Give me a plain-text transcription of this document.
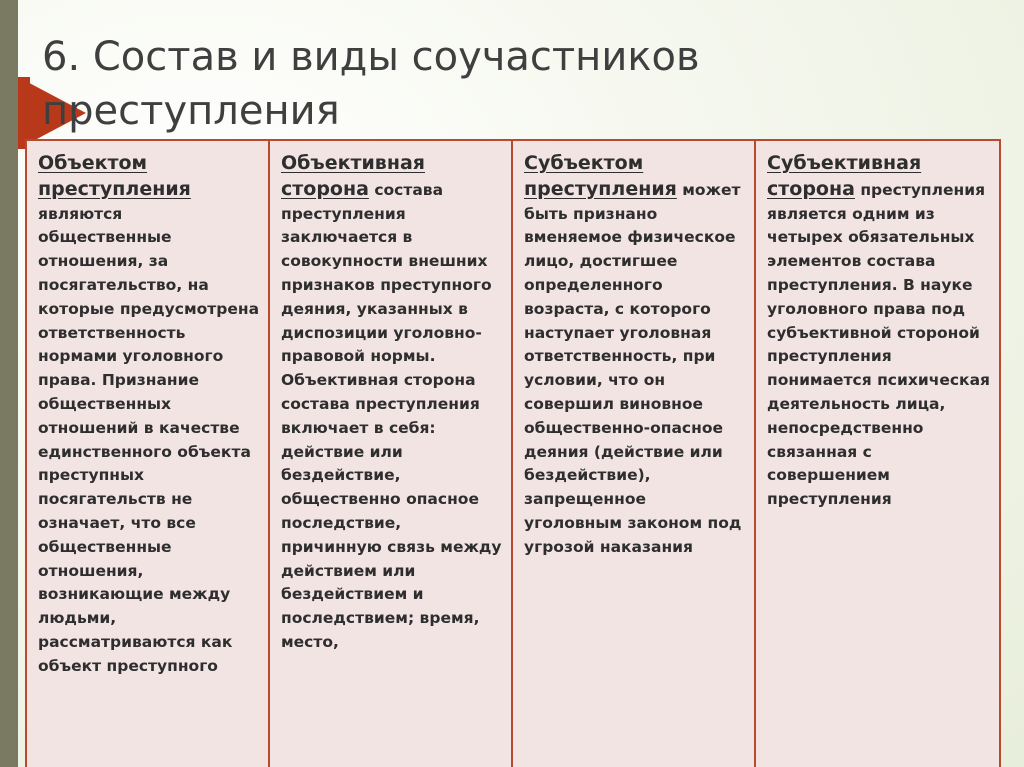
6. Состав и виды соучастников преступления
Объектом преступления являются общественные отношения, за посягательство, на которые предусмотрена ответственность нормами уголовного права. Признание общественных отношений в качестве единственного объекта преступных посягательств не означает, что все общественные отношения, возникающие между людьми, рассматриваются как объект преступного
Объективная сторона состава преступления заключается в совокупности внешних признаков преступного деяния, указанных в диспозиции уголовно-правовой нормы. Объективная сторона состава преступления включает в себя: действие или бездействие, общественно опасное последствие, причинную связь между действием или бездействием и последствием; время, место,
Субъектом преступления может быть признано вменяемое физическое лицо, достигшее определенного возраста, с которого наступает уголовная ответственность, при условии, что он совершил виновное общественно-опасное деяния (действие или бездействие), запрещенное уголовным законом под угрозой наказания
Субъективная сторона преступления является одним из четырех обязательных элементов состава преступления. В науке уголовного права под субъективной стороной преступления понимается психическая деятельность лица, непосредственно связанная с совершением преступления
